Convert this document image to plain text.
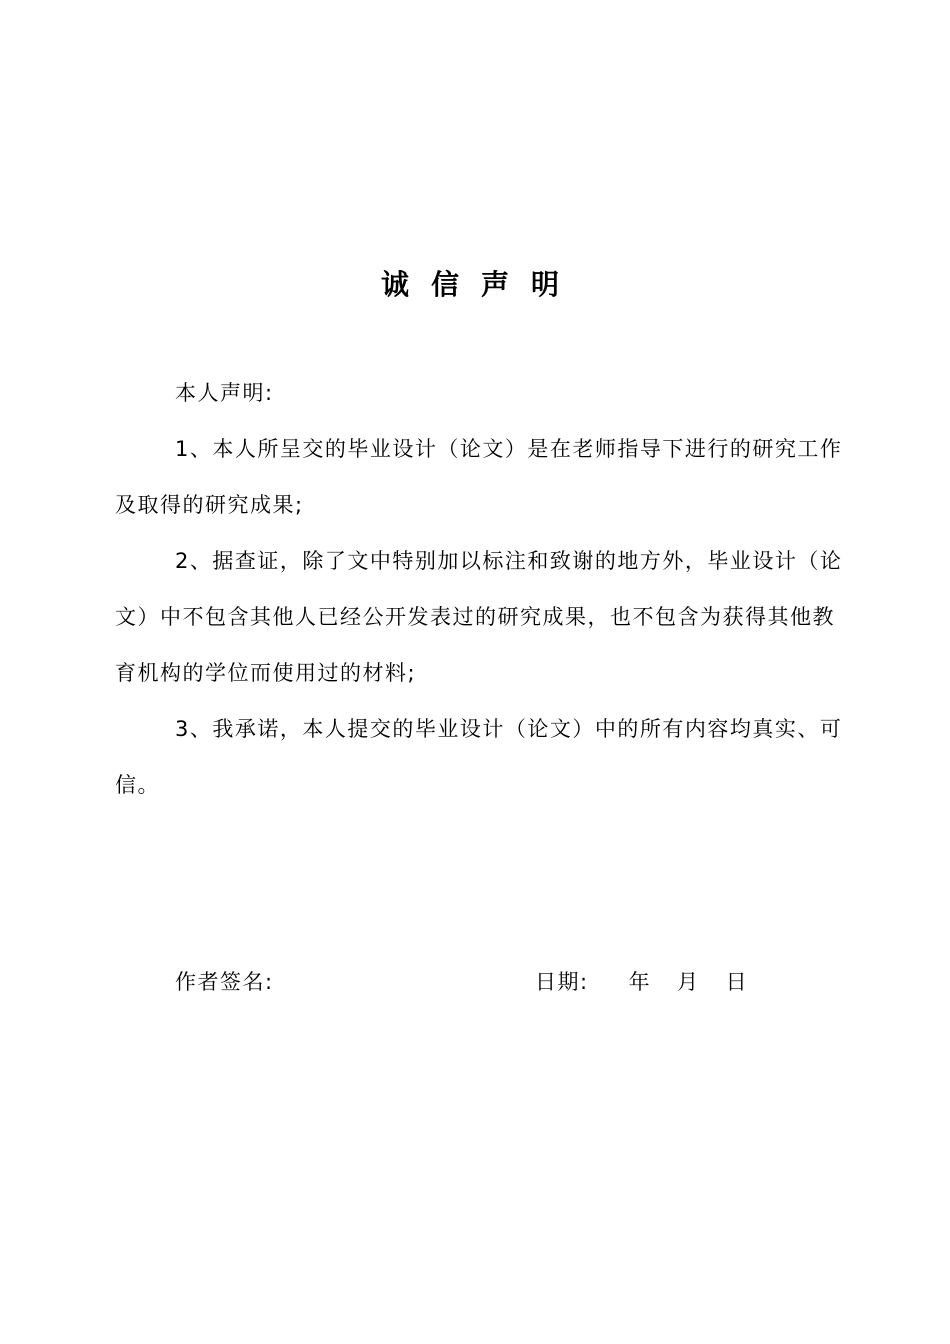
诚信声明

本人声明:

1、本人所呈交的毕业设计（论文）是在老师指导下进行的研究工作及取得的研究成果;

2、据查证，除了文中特别加以标注和致谢的地方外，毕业设计（论文）中不包含其他人已经公开发表过的研究成果，也不包含为获得其他教育机构的学位而使用过的材料;

3、我承诺，本人提交的毕业设计（论文）中的所有内容均真实、可信。

作者签名:	日期: 年 月 日
